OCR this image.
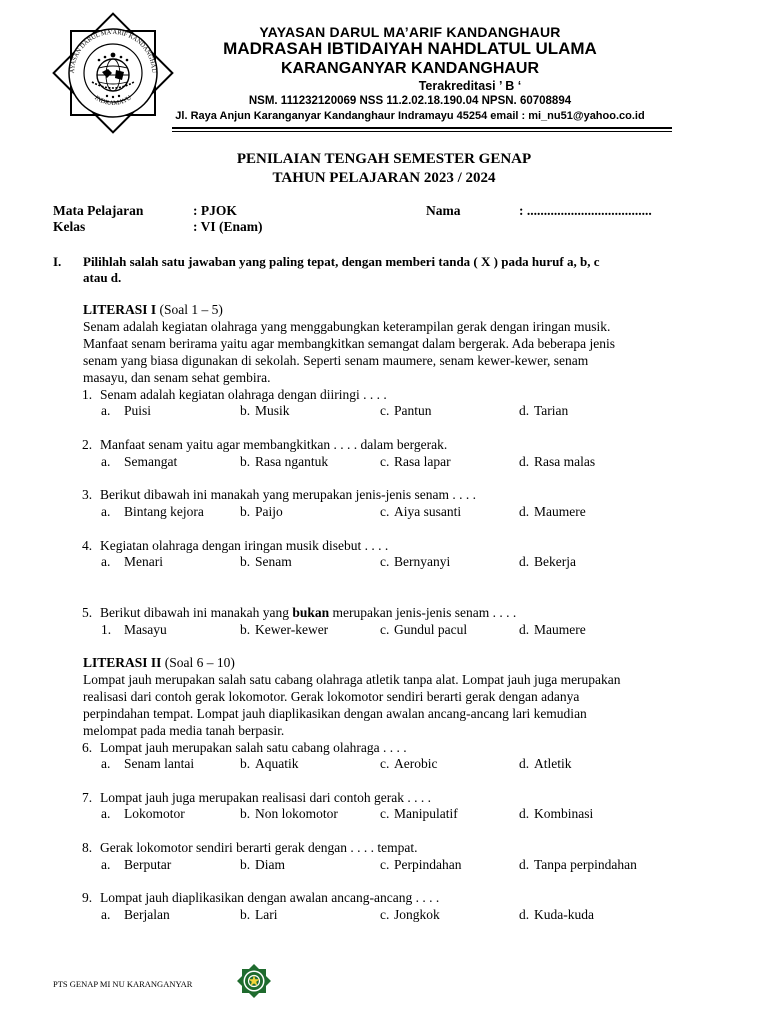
AYASAN DARUL MA'ARIF KANDANGHAU
INDRAMAYU
YAYASAN DARUL MA’ARIF KANDANGHAUR
MADRASAH IBTIDAIYAH NAHDLATUL ULAMA
KARANGANYAR KANDANGHAUR
Terakreditasi ’ B ‘
NSM. 111232120069 NSS 11.2.02.18.190.04 NPSN. 60708894
Jl. Raya Anjun Karanganyar Kandanghaur Indramayu 45254 email : mi_nu51@yahoo.co.id
PENILAIAN TENGAH SEMESTER GENAP
TAHUN PELAJARAN 2023 / 2024
Mata Pelajaran	: PJOK	Nama	: .....................................
Kelas	: VI (Enam)
I. Pilihlah salah satu jawaban yang paling tepat, dengan memberi tanda ( X ) pada huruf a, b, c
atau d.
LITERASI I (Soal 1 – 5)
Senam adalah kegiatan olahraga yang menggabungkan keterampilan gerak dengan iringan musik.
Manfaat senam berirama yaitu agar membangkitkan semangat dalam bergerak. Ada beberapa jenis
senam yang biasa digunakan di sekolah. Seperti senam maumere, senam kewer-kewer, senam
masayu, dan senam sehat gembira.
1. Senam adalah kegiatan olahraga dengan diiringi . . . .
a. Puisi	b. Musik	c. Pantun	d. Tarian
2. Manfaat senam yaitu agar membangkitkan . . . . dalam bergerak.
a. Semangat	b. Rasa ngantuk	c. Rasa lapar	d. Rasa malas
3. Berikut dibawah ini manakah yang merupakan jenis-jenis senam . . . .
a. Bintang kejora	b. Paijo	c. Aiya susanti	d. Maumere
4. Kegiatan olahraga dengan iringan musik disebut . . . .
a. Menari	b. Senam	c. Bernyanyi	d. Bekerja
5. Berikut dibawah ini manakah yang bukan merupakan jenis-jenis senam . . . .
1. Masayu	b. Kewer-kewer	c. Gundul pacul	d. Maumere
LITERASI II (Soal 6 – 10)
Lompat jauh merupakan salah satu cabang olahraga atletik tanpa alat. Lompat jauh juga merupakan
realisasi dari contoh gerak lokomotor. Gerak lokomotor sendiri berarti gerak dengan adanya
perpindahan tempat. Lompat jauh diaplikasikan dengan awalan ancang-ancang lari kemudian
melompat pada media tanah berpasir.
6. Lompat jauh merupakan salah satu cabang olahraga . . . .
a. Senam lantai	b. Aquatik	c. Aerobic	d. Atletik
7. Lompat jauh juga merupakan realisasi dari contoh gerak . . . .
a. Lokomotor	b. Non lokomotor	c. Manipulatif	d. Kombinasi
8. Gerak lokomotor sendiri berarti gerak dengan . . . . tempat.
a. Berputar	b. Diam	c. Perpindahan	d. Tanpa perpindahan
9. Lompat jauh diaplikasikan dengan awalan ancang-ancang . . . .
a. Berjalan	b. Lari	c. Jongkok	d. Kuda-kuda
PTS GENAP MI NU KARANGANYAR
